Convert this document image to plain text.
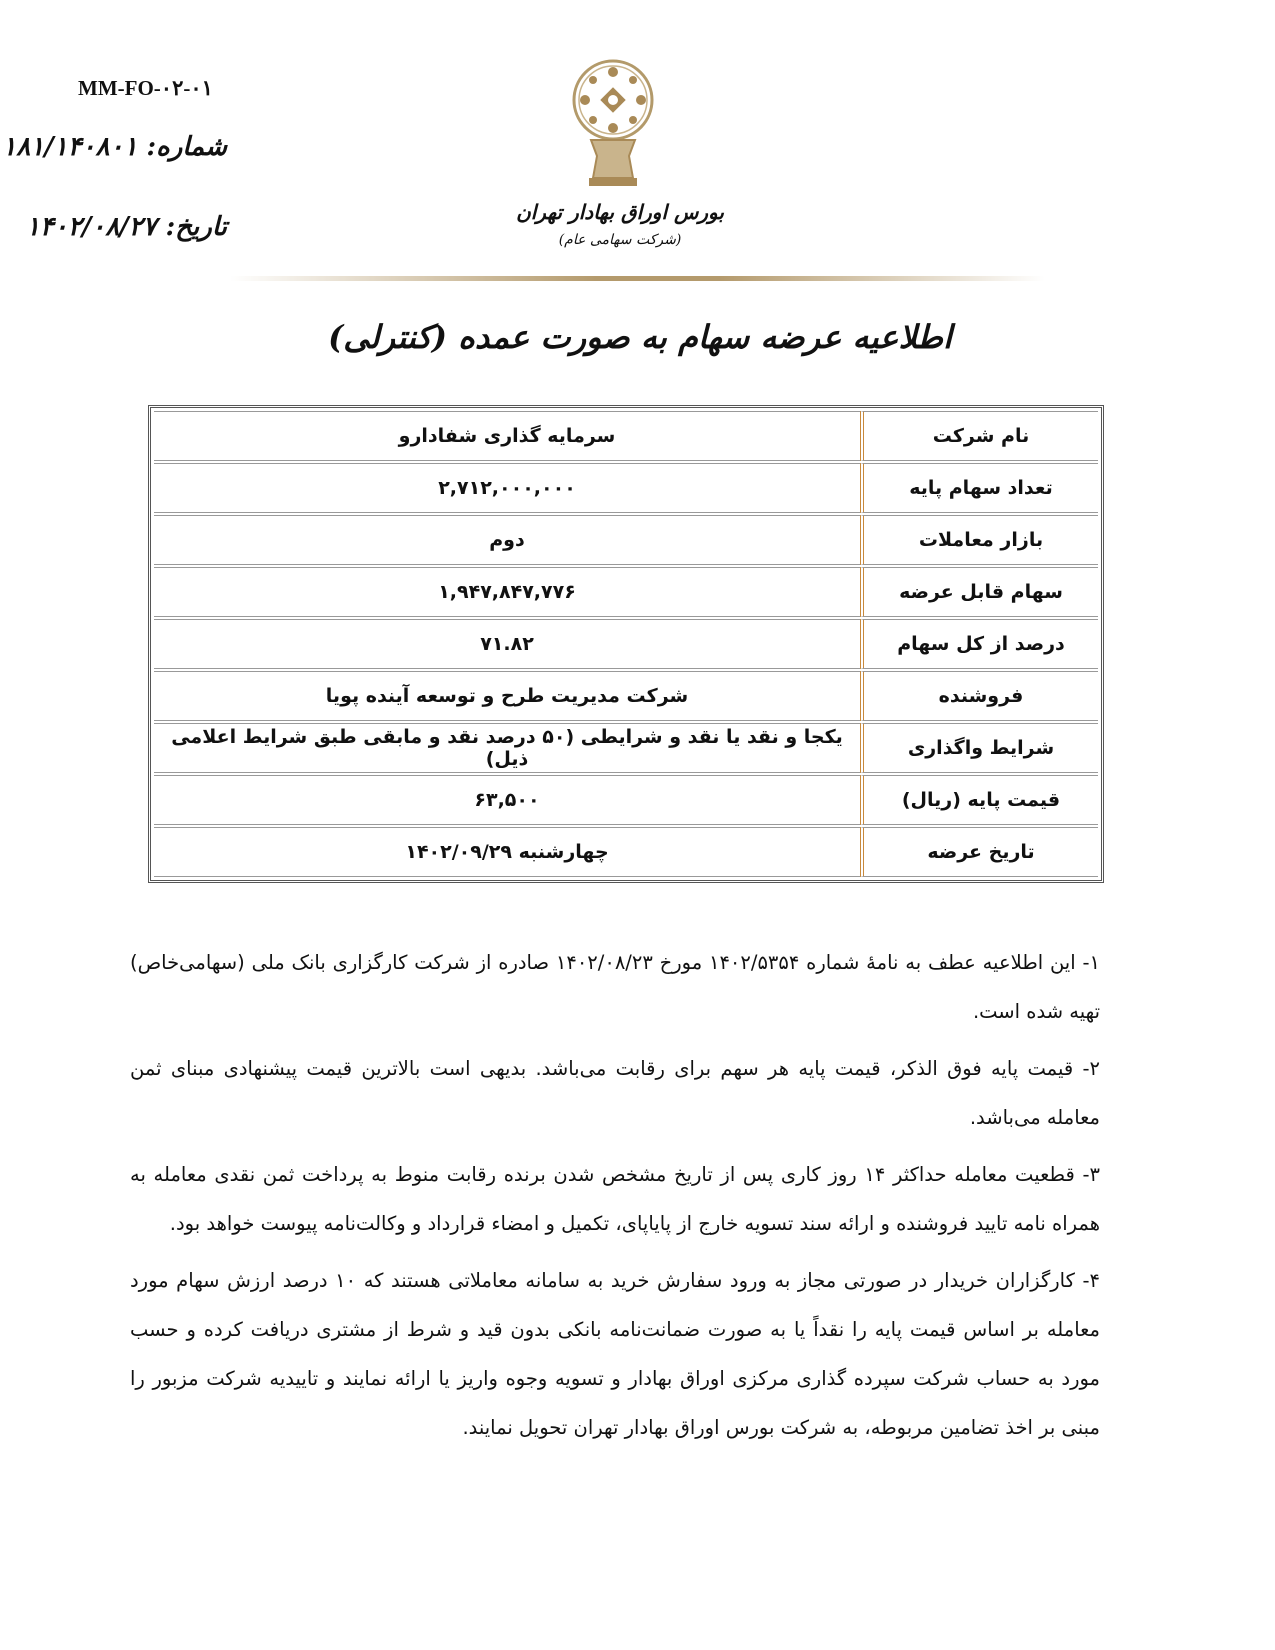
MM-FO-۰۲-۰۱
شماره: ۱۸۱/۱۴۰۸۰۱
تاریخ: ۱۴۰۲/۰۸/۲۷	بورس اوراق بهادار تهران
(شرکت سهامی عام)
اطلاعیه عرضه سهام به صورت عمده (کنترلی)
نام شرکت	سرمایه گذاری شفادارو
تعداد سهام پایه	۲,۷۱۲,۰۰۰,۰۰۰
بازار معاملات	دوم
سهام قابل عرضه	۱,۹۴۷,۸۴۷,۷۷۶
درصد از کل سهام	۷۱.۸۲
فروشنده	شرکت مدیریت طرح و توسعه آینده پویا
شرایط واگذاری	یکجا و نقد یا نقد و شرایطی (۵۰ درصد نقد و مابقی طبق شرایط اعلامی ذیل)
قیمت پایه (ریال)	۶۳,۵۰۰
تاریخ عرضه	چهارشنبه ۱۴۰۲/۰۹/۲۹

۱- این اطلاعیه عطف به نامهٔ شماره ۱۴۰۲/۵۳۵۴ مورخ ۱۴۰۲/۰۸/۲۳ صادره از شرکت کارگزاری بانک ملی (سهامی‌خاص) تهیه شده است.

۲- قیمت پایه فوق الذکر، قیمت پایه هر سهم برای رقابت می‌باشد. بدیهی است بالاترین قیمت پیشنهادی مبنای ثمن معامله می‌باشد.

۳- قطعیت معامله حداکثر ۱۴ روز کاری پس از تاریخ مشخص شدن برنده رقابت منوط به پرداخت ثمن نقدی معامله به همراه نامه تایید فروشنده و ارائه سند تسویه خارج از پایاپای، تکمیل و امضاء قرارداد و وکالت‌نامه پیوست خواهد بود.

۴- کارگزاران خریدار در صورتی مجاز به ورود سفارش خرید به سامانه معاملاتی هستند که ۱۰ درصد ارزش سهام مورد معامله بر اساس قیمت پایه را نقداً یا به صورت ضمانت‌نامه بانکی بدون قید و شرط از مشتری دریافت کرده و حسب مورد به حساب شرکت سپرده گذاری مرکزی اوراق بهادار و تسویه وجوه واریز یا ارائه نمایند و تاییدیه شرکت مزبور را مبنی بر اخذ تضامین مربوطه، به شرکت بورس اوراق بهادار تهران تحویل نمایند.
